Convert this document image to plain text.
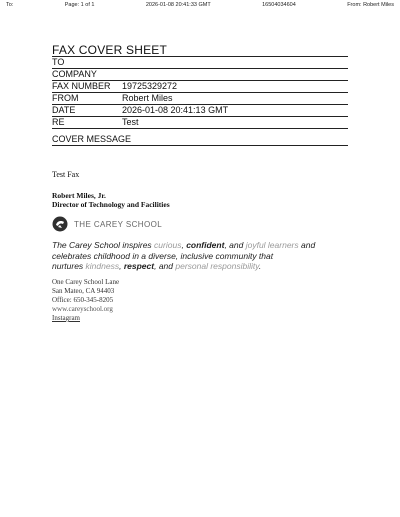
To:	Page: 1 of 1	2026-01-08 20:41:33 GMT	16504034604	From: Robert Miles
FAX COVER SHEET
TO
COMPANY
FAX NUMBER	19725329272
FROM	Robert Miles
DATE	2026-01-08 20:41:13 GMT
RE	Test
COVER MESSAGE
Test Fax
Robert Miles, Jr.
Director of Technology and Facilities
THE CAREY SCHOOL
The Carey School inspires curious, confident, and joyful learners and
celebrates childhood in a diverse, inclusive community that
nurtures kindness, respect, and personal responsibility.
One Carey School Lane
San Mateo, CA 94403
Office: 650-345-8205
www.careyschool.org
Instagram
